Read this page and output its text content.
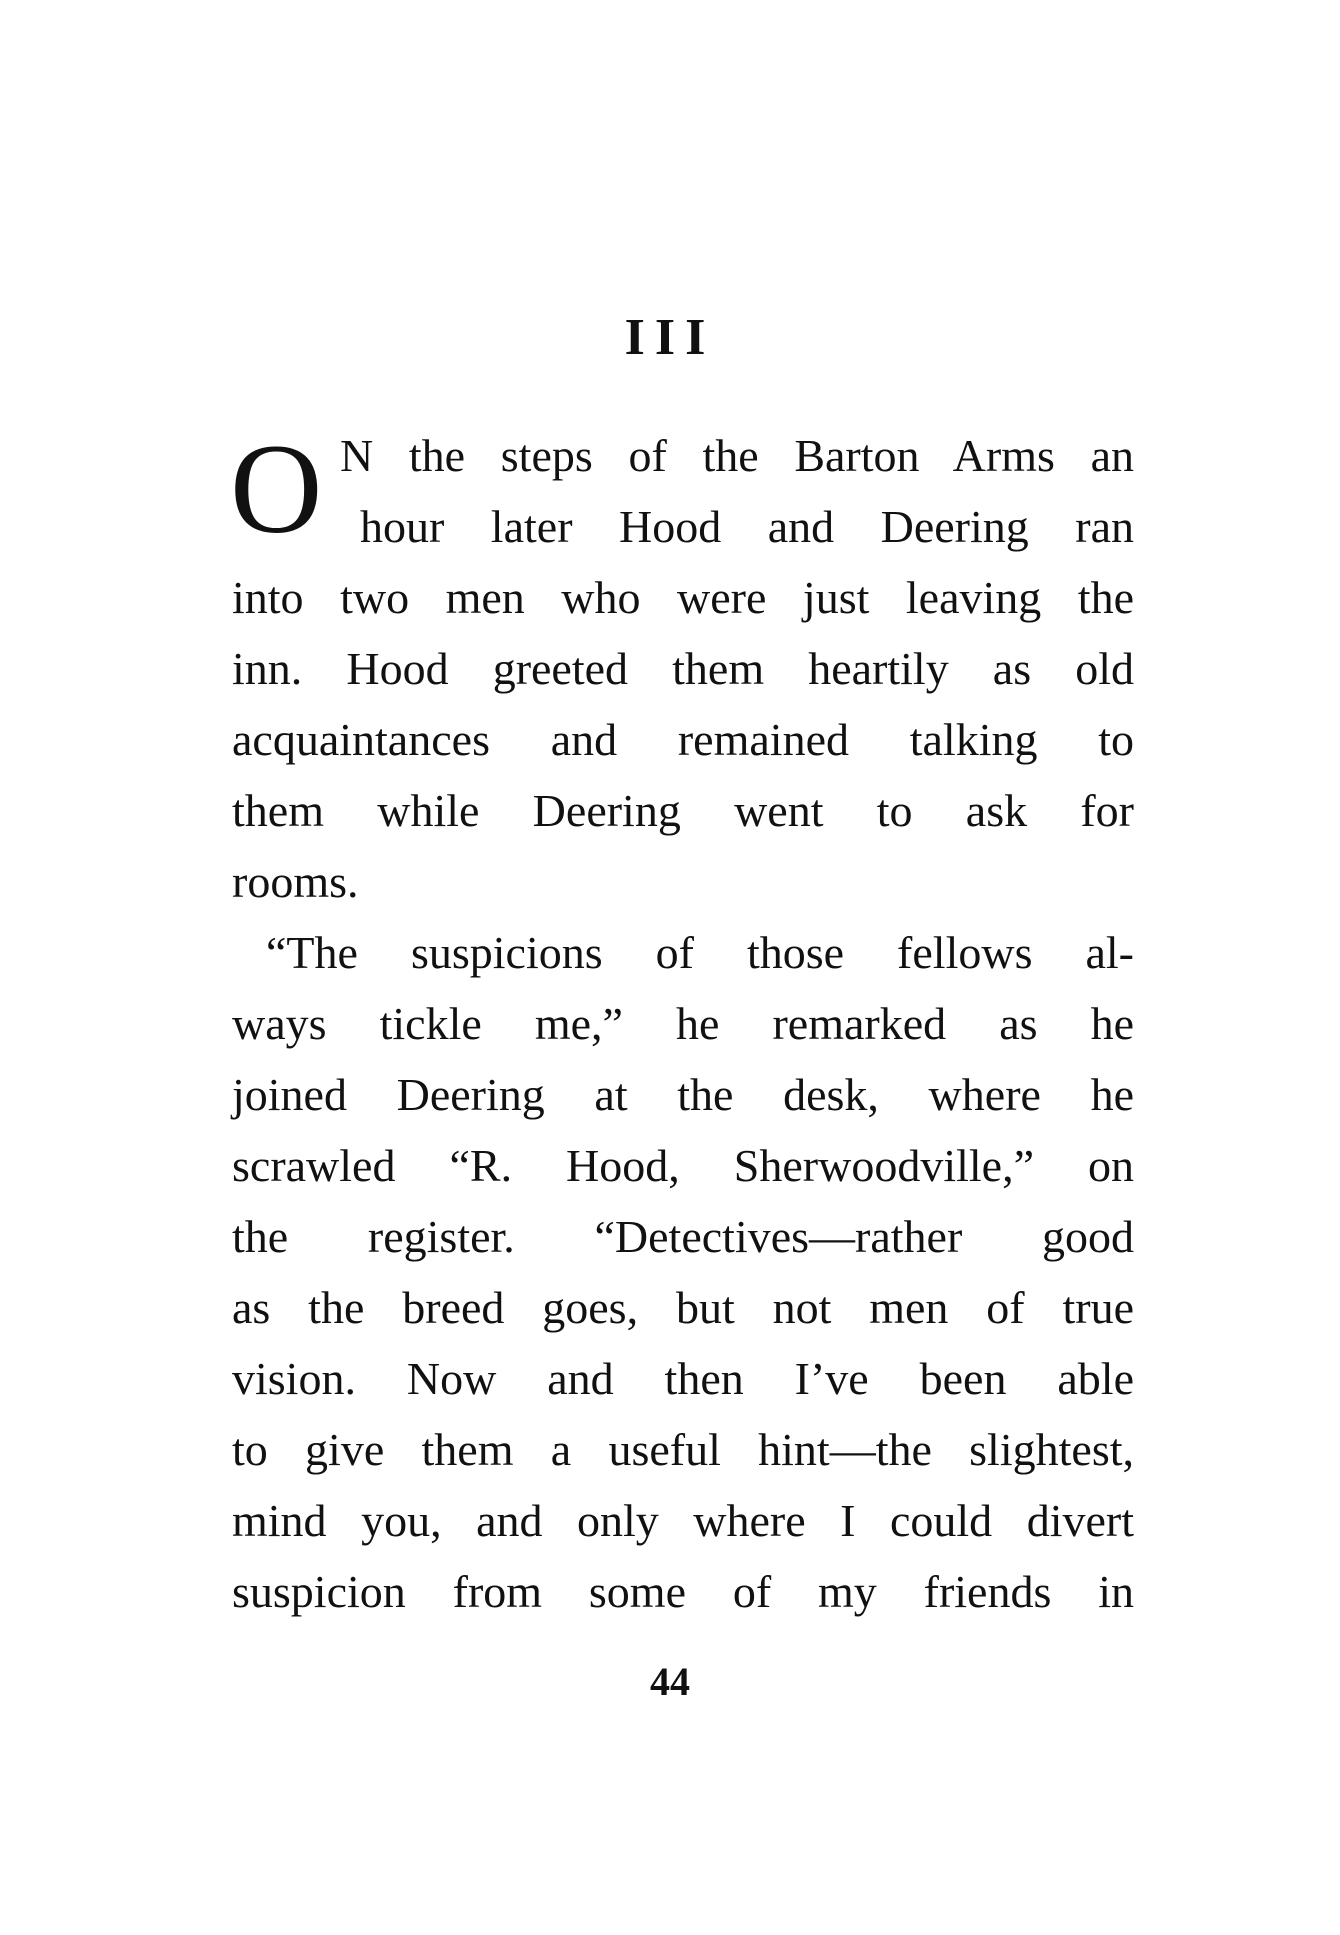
III
O N the steps of the Barton Arms an
hour later Hood and Deering ran
into two men who were just leaving the
inn. Hood greeted them heartily as old
acquaintances and remained talking to
them while Deering went to ask for
rooms.
“The suspicions of those fellows al-
ways tickle me,” he remarked as he
joined Deering at the desk, where he
scrawled “R. Hood, Sherwoodville,” on
the register. “Detectives—rather good
as the breed goes, but not men of true
vision. Now and then I’ve been able
to give them a useful hint—the slightest,
mind you, and only where I could divert
suspicion from some of my friends in
44
